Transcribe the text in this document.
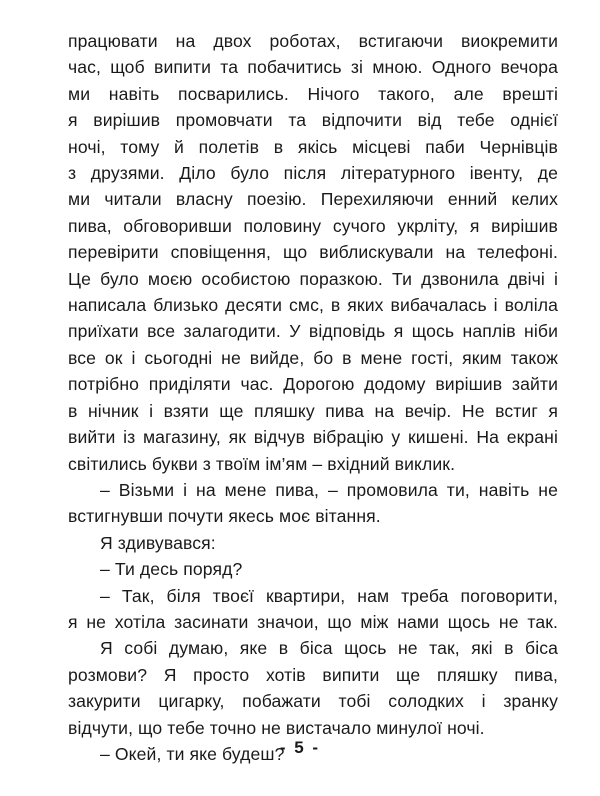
працювати на двох роботах, встигаючи виокремити
час, щоб випити та побачитись зі мною. Одного вечора
ми навіть посварились. Нічого такого, але врешті
я вирішив промовчати та відпочити від тебе однієї
ночі, тому й полетів в якісь місцеві паби Чернівців
з друзями. Діло було після літературного івенту, де
ми читали власну поезію. Перехиляючи енний келих
пива, обговоривши половину сучого укрліту, я вирішив
перевірити сповіщення, що виблискували на телефоні.
Це було моєю особистою поразкою. Ти дзвонила двічі і
написала близько десяти смс, в яких вибачалась і воліла
приїхати все залагодити. У відповідь я щось наплів ніби
все ок і сьогодні не вийде, бо в мене гості, яким також
потрібно приділяти час. Дорогою додому вирішив зайти
в нічник і взяти ще пляшку пива на вечір. Не встиг я
вийти із магазину, як відчув вібрацію у кишені. На екрані
світились букви з твоїм ім’ям – вхідний виклик.
– Візьми і на мене пива, – промовила ти, навіть не
встигнувши почути якесь моє вітання.
Я здивувався:
– Ти десь поряд?
– Так, біля твоєї квартири, нам треба поговорити,
я не хотіла засинати значои, що між нами щось не так.
Я собі думаю, яке в біса щось не так, які в біса
розмови? Я просто хотів випити ще пляшку пива,
закурити цигарку, побажати тобі солодких і зранку
відчути, що тебе точно не вистачало минулої ночі.
– Окей, ти яке будеш?
- 5 -
